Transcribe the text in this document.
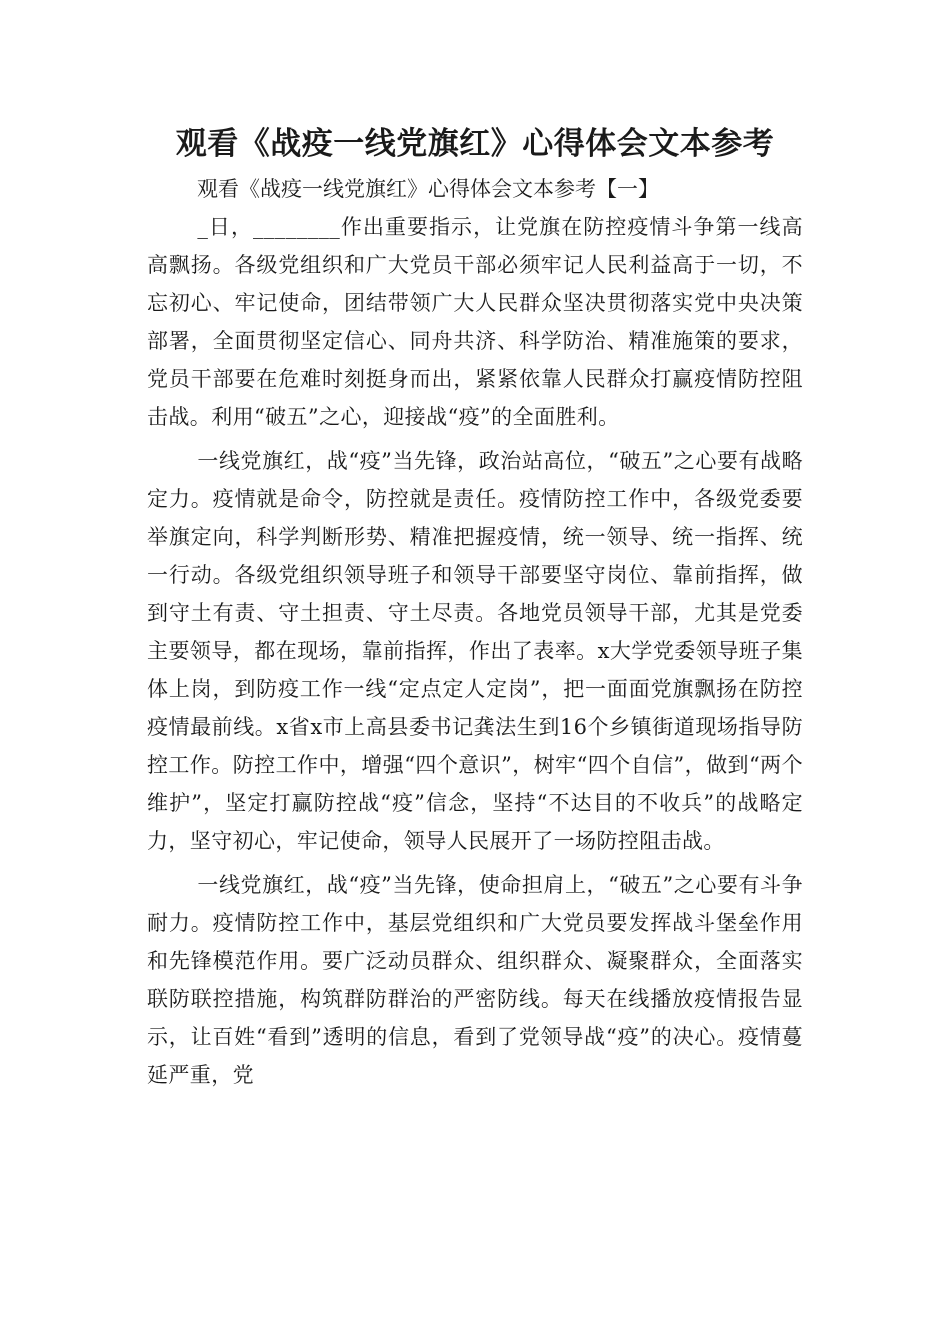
观看《战疫一线党旗红》心得体会文本参考

观看《战疫一线党旗红》心得体会文本参考【一】

_日，________作出重要指示，让党旗在防控疫情斗争第一线高高飘扬。各级党组织和广大党员干部必须牢记人民利益高于一切，不忘初心、牢记使命，团结带领广大人民群众坚决贯彻落实党中央决策部署，全面贯彻坚定信心、同舟共济、科学防治、精准施策的要求，党员干部要在危难时刻挺身而出，紧紧依靠人民群众打赢疫情防控阻击战。利用“破五”之心，迎接战“疫”的全面胜利。

一线党旗红，战“疫”当先锋，政治站高位，“破五”之心要有战略定力。疫情就是命令，防控就是责任。疫情防控工作中，各级党委要举旗定向，科学判断形势、精准把握疫情，统一领导、统一指挥、统一行动。各级党组织领导班子和领导干部要坚守岗位、靠前指挥，做到守土有责、守土担责、守土尽责。各地党员领导干部，尤其是党委主要领导，都在现场，靠前指挥，作出了表率。x大学党委领导班子集体上岗，到防疫工作一线“定点定人定岗”，把一面面党旗飘扬在防控疫情最前线。x省x市上高县委书记龚法生到16个乡镇街道现场指导防控工作。防控工作中，增强“四个意识”，树牢“四个自信”，做到“两个维护”，坚定打赢防控战“疫”信念，坚持“不达目的不收兵”的战略定力，坚守初心，牢记使命，领导人民展开了一场防控阻击战。

一线党旗红，战“疫”当先锋，使命担肩上，“破五”之心要有斗争耐力。疫情防控工作中，基层党组织和广大党员要发挥战斗堡垒作用和先锋模范作用。要广泛动员群众、组织群众、凝聚群众，全面落实联防联控措施，构筑群防群治的严密防线。每天在线播放疫情报告显示，让百姓“看到”透明的信息，看到了党领导战“疫”的决心。疫情蔓延严重，党
